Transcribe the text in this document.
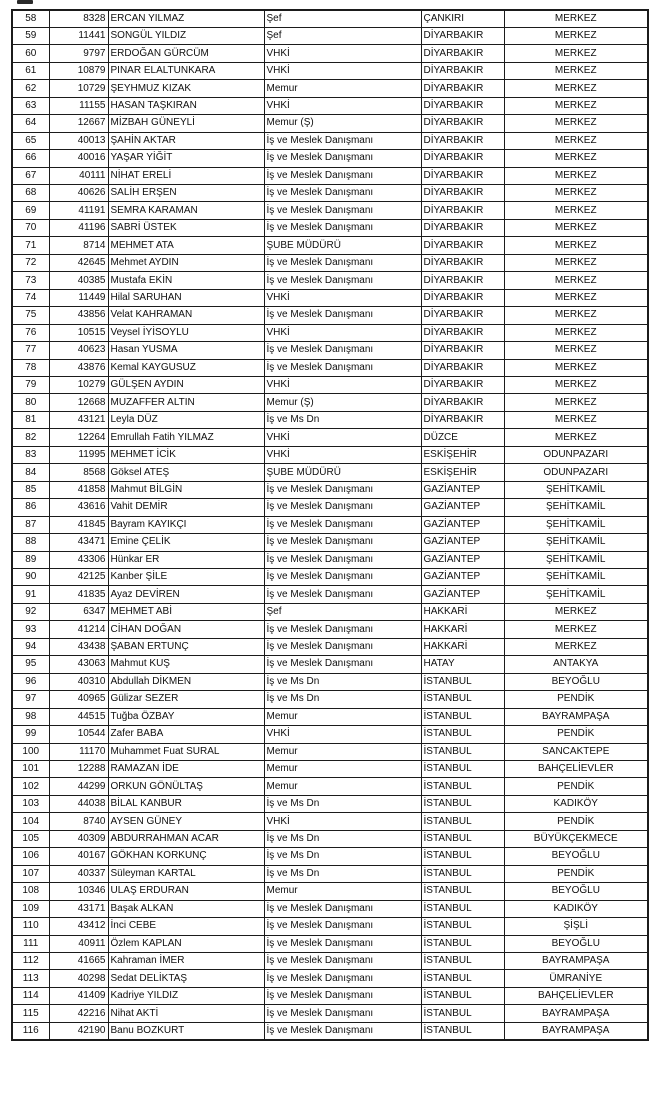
58	8328	ERCAN YILMAZ	Şef	ÇANKIRI	MERKEZ
59	11441	SONGÜL YILDIZ	Şef	DİYARBAKIR	MERKEZ
60	9797	ERDOĞAN GÜRCÜM	VHKİ	DİYARBAKIR	MERKEZ
61	10879	PINAR ELALTUNKARA	VHKİ	DİYARBAKIR	MERKEZ
62	10729	ŞEYHMUZ KIZAK	Memur	DİYARBAKIR	MERKEZ
63	11155	HASAN TAŞKIRAN	VHKİ	DİYARBAKIR	MERKEZ
64	12667	MİZBAH GÜNEYLİ	Memur (Ş)	DİYARBAKIR	MERKEZ
65	40013	ŞAHİN AKTAR	İş ve Meslek Danışmanı	DİYARBAKIR	MERKEZ
66	40016	YAŞAR YİĞİT	İş ve Meslek Danışmanı	DİYARBAKIR	MERKEZ
67	40111	NİHAT ERELİ	İş ve Meslek Danışmanı	DİYARBAKIR	MERKEZ
68	40626	SALİH ERŞEN	İş ve Meslek Danışmanı	DİYARBAKIR	MERKEZ
69	41191	SEMRA KARAMAN	İş ve Meslek Danışmanı	DİYARBAKIR	MERKEZ
70	41196	SABRİ ÜSTEK	İş ve Meslek Danışmanı	DİYARBAKIR	MERKEZ
71	8714	MEHMET ATA	ŞUBE MÜDÜRÜ	DİYARBAKIR	MERKEZ
72	42645	Mehmet AYDIN	İş ve Meslek Danışmanı	DİYARBAKIR	MERKEZ
73	40385	Mustafa EKİN	İş ve Meslek Danışmanı	DİYARBAKIR	MERKEZ
74	11449	Hilal SARUHAN	VHKİ	DİYARBAKIR	MERKEZ
75	43856	Velat KAHRAMAN	İş ve Meslek Danışmanı	DİYARBAKIR	MERKEZ
76	10515	Veysel İYİSOYLU	VHKİ	DİYARBAKIR	MERKEZ
77	40623	Hasan YUSMA	İş ve Meslek Danışmanı	DİYARBAKIR	MERKEZ
78	43876	Kemal KAYGUSUZ	İş ve Meslek Danışmanı	DİYARBAKIR	MERKEZ
79	10279	GÜLŞEN AYDIN	VHKİ	DİYARBAKIR	MERKEZ
80	12668	MUZAFFER ALTIN	Memur (Ş)	DİYARBAKIR	MERKEZ
81	43121	Leyla DÜZ	İş ve Ms Dn	DİYARBAKIR	MERKEZ
82	12264	Emrullah Fatih YILMAZ	VHKİ	DÜZCE	MERKEZ
83	11995	MEHMET İCİK	VHKİ	ESKİŞEHİR	ODUNPAZARI
84	8568	Göksel ATEŞ	ŞUBE MÜDÜRÜ	ESKİŞEHİR	ODUNPAZARI
85	41858	Mahmut BİLGİN	İş ve Meslek Danışmanı	GAZİANTEP	ŞEHİTKAMİL
86	43616	Vahit DEMİR	İş ve Meslek Danışmanı	GAZİANTEP	ŞEHİTKAMİL
87	41845	Bayram KAYIKÇI	İş ve Meslek Danışmanı	GAZİANTEP	ŞEHİTKAMİL
88	43471	Emine ÇELİK	İş ve Meslek Danışmanı	GAZİANTEP	ŞEHİTKAMİL
89	43306	Hünkar ER	İş ve Meslek Danışmanı	GAZİANTEP	ŞEHİTKAMİL
90	42125	Kanber ŞİLE	İş ve Meslek Danışmanı	GAZİANTEP	ŞEHİTKAMİL
91	41835	Ayaz DEVİREN	İş ve Meslek Danışmanı	GAZİANTEP	ŞEHİTKAMİL
92	6347	MEHMET ABİ	Şef	HAKKARİ	MERKEZ
93	41214	CİHAN DOĞAN	İş ve Meslek Danışmanı	HAKKARİ	MERKEZ
94	43438	ŞABAN ERTUNÇ	İş ve Meslek Danışmanı	HAKKARİ	MERKEZ
95	43063	Mahmut KUŞ	İş ve Meslek Danışmanı	HATAY	ANTAKYA
96	40310	Abdullah DİKMEN	İş ve Ms Dn	İSTANBUL	BEYOĞLU
97	40965	Gülizar SEZER	İş ve Ms Dn	İSTANBUL	PENDİK
98	44515	Tuğba ÖZBAY	Memur	İSTANBUL	BAYRAMPAŞA
99	10544	Zafer BABA	VHKİ	İSTANBUL	PENDİK
100	11170	Muhammet Fuat SURAL	Memur	İSTANBUL	SANCAKTEPE
101	12288	RAMAZAN İDE	Memur	İSTANBUL	BAHÇELİEVLER
102	44299	ORKUN GÖNÜLTAŞ	Memur	İSTANBUL	PENDİK
103	44038	BİLAL KANBUR	İş ve Ms Dn	İSTANBUL	KADIKÖY
104	8740	AYSEN GÜNEY	VHKİ	İSTANBUL	PENDİK
105	40309	ABDURRAHMAN ACAR	İş ve Ms Dn	İSTANBUL	BÜYÜKÇEKMECE
106	40167	GÖKHAN KORKUNÇ	İş ve Ms Dn	İSTANBUL	BEYOĞLU
107	40337	Süleyman KARTAL	İş ve Ms Dn	İSTANBUL	PENDİK
108	10346	ULAŞ ERDURAN	Memur	İSTANBUL	BEYOĞLU
109	43171	Başak ALKAN	İş ve Meslek Danışmanı	İSTANBUL	KADIKÖY
110	43412	İnci CEBE	İş ve Meslek Danışmanı	İSTANBUL	ŞİŞLİ
111	40911	Özlem KAPLAN	İş ve Meslek Danışmanı	İSTANBUL	BEYOĞLU
112	41665	Kahraman İMER	İş ve Meslek Danışmanı	İSTANBUL	BAYRAMPAŞA
113	40298	Sedat DELİKTAŞ	İş ve Meslek Danışmanı	İSTANBUL	ÜMRANİYE
114	41409	Kadriye YILDIZ	İş ve Meslek Danışmanı	İSTANBUL	BAHÇELİEVLER
115	42216	Nihat AKTİ	İş ve Meslek Danışmanı	İSTANBUL	BAYRAMPAŞA
116	42190	Banu BOZKURT	İş ve Meslek Danışmanı	İSTANBUL	BAYRAMPAŞA
